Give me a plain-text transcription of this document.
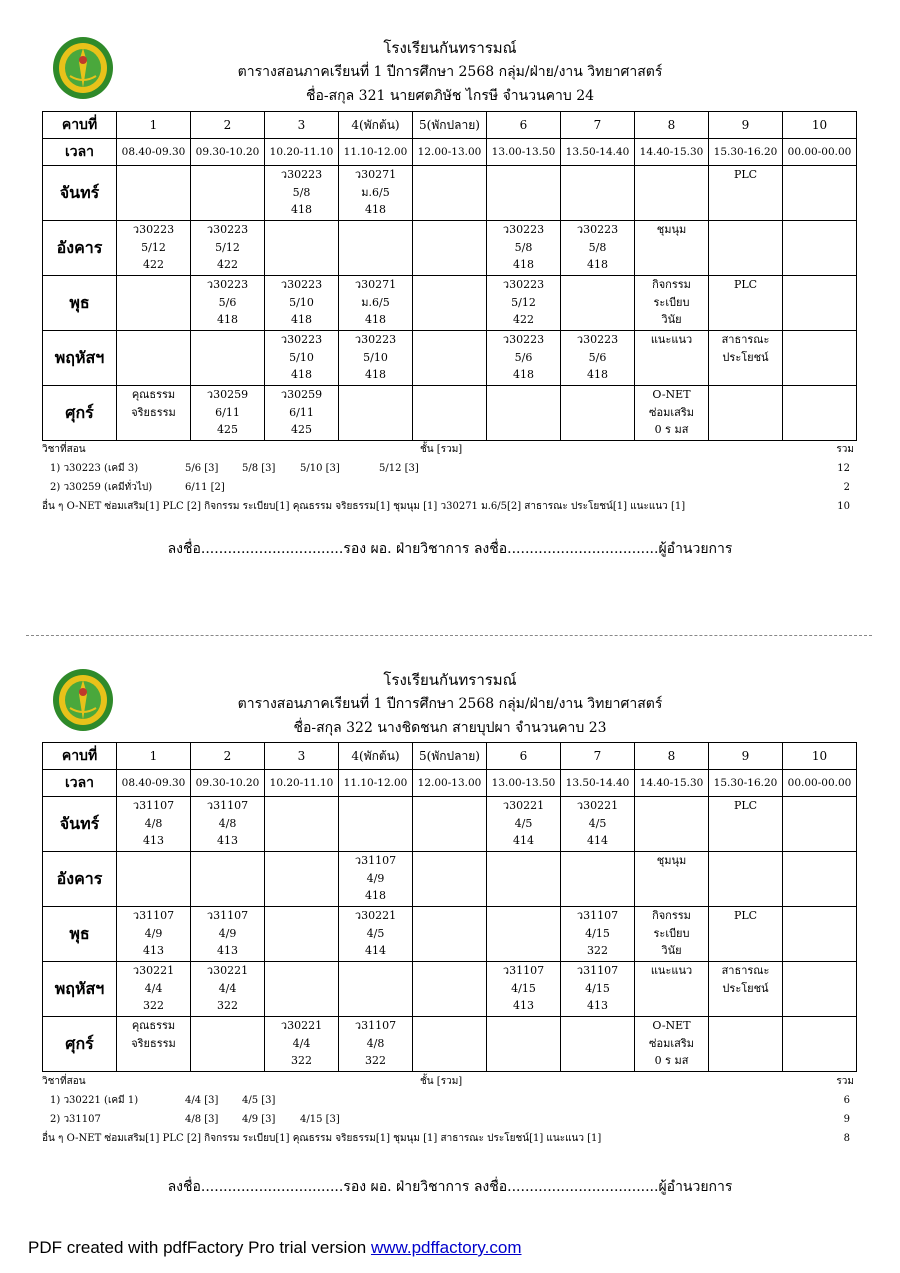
โรงเรียนกันทรารมณ์
ตารางสอนภาคเรียนที่ 1 ปีการศึกษา 2568 กลุ่ม/ฝ่าย/งาน วิทยาศาสตร์
ชื่อ-สกุล 321 นายศตภิษัช ไกรษี จำนวนคาบ 24
คาบที่	1	2	3	4(พักต้น)	5(พักปลาย)	6	7	8	9	10
เวลา	08.40-09.30	09.30-10.20	10.20-11.10	11.10-12.00	12.00-13.00	13.00-13.50	13.50-14.40	14.40-15.30	15.30-16.20	00.00-00.00
จันทร์			ว30223
5/8
418	ว30271
ม.6/5
418					PLC	

อังคาร	ว30223
5/12
422	ว30223
5/12
422				ว30223
5/8
418	ว30223
5/8
418	ชุมนุม		

พุธ		ว30223
5/6
418	ว30223
5/10
418	ว30271
ม.6/5
418		ว30223
5/12
422		กิจกรรม
ระเบียบ
วินัย	PLC	

พฤหัสฯ			ว30223
5/10
418	ว30223
5/10
418		ว30223
5/6
418	ว30223
5/6
418	แนะแนว	สาธารณะ
ประโยชน์	

ศุกร์	คุณธรรม
จริยธรรม	ว30259
6/11
425	ว30259
6/11
425					O-NET
ซ่อมเสริม
0 ร มส		

วิชาที่สอน	ชั้น [รวม]	รวม
1) ว30223 (เคมี 3)	5/6 [3] 5/8 [3] 5/10 [3]	5/12 [3]	12
2) ว30259 (เคมีทั่วไป)	6/11 [2]	2
อื่น ๆ O-NET ซ่อมเสริม[1] PLC [2] กิจกรรม ระเบียบ[1] คุณธรรม จริยธรรม[1] ชุมนุม [1] ว30271 ม.6/5[2] สาธารณะ ประโยชน์[1] แนะแนว [1]	10
ลงชื่อ................................รอง ผอ. ฝ่ายวิชาการ ลงชื่อ..................................ผู้อำนวยการ
โรงเรียนกันทรารมณ์
ตารางสอนภาคเรียนที่ 1 ปีการศึกษา 2568 กลุ่ม/ฝ่าย/งาน วิทยาศาสตร์
ชื่อ-สกุล 322 นางชิดชนก สายบุปผา จำนวนคาบ 23
คาบที่	1	2	3	4(พักต้น)	5(พักปลาย)	6	7	8	9	10
เวลา	08.40-09.30	09.30-10.20	10.20-11.10	11.10-12.00	12.00-13.00	13.00-13.50	13.50-14.40	14.40-15.30	15.30-16.20	00.00-00.00
จันทร์	ว31107
4/8
413	ว31107
4/8
413				ว30221
4/5
414	ว30221
4/5
414		PLC	

อังคาร				ว31107
4/9
418				ชุมนุม		

พุธ	ว31107
4/9
413	ว31107
4/9
413		ว30221
4/5
414			ว31107
4/15
322	กิจกรรม
ระเบียบ
วินัย	PLC	

พฤหัสฯ	ว30221
4/4
322	ว30221
4/4
322				ว31107
4/15
413	ว31107
4/15
413	แนะแนว	สาธารณะ
ประโยชน์	

ศุกร์	คุณธรรม
จริยธรรม		ว30221
4/4
322	ว31107
4/8
322				O-NET
ซ่อมเสริม
0 ร มส		

วิชาที่สอน	ชั้น [รวม]	รวม
1) ว30221 (เคมี 1)	4/4 [3] 4/5 [3]	6
2) ว31107	4/8 [3] 4/9 [3] 4/15 [3]	9
อื่น ๆ O-NET ซ่อมเสริม[1] PLC [2] กิจกรรม ระเบียบ[1] คุณธรรม จริยธรรม[1] ชุมนุม [1] สาธารณะ ประโยชน์[1] แนะแนว [1]	8
ลงชื่อ................................รอง ผอ. ฝ่ายวิชาการ ลงชื่อ..................................ผู้อำนวยการ
PDF created with pdfFactory Pro trial version www.pdffactory.com
